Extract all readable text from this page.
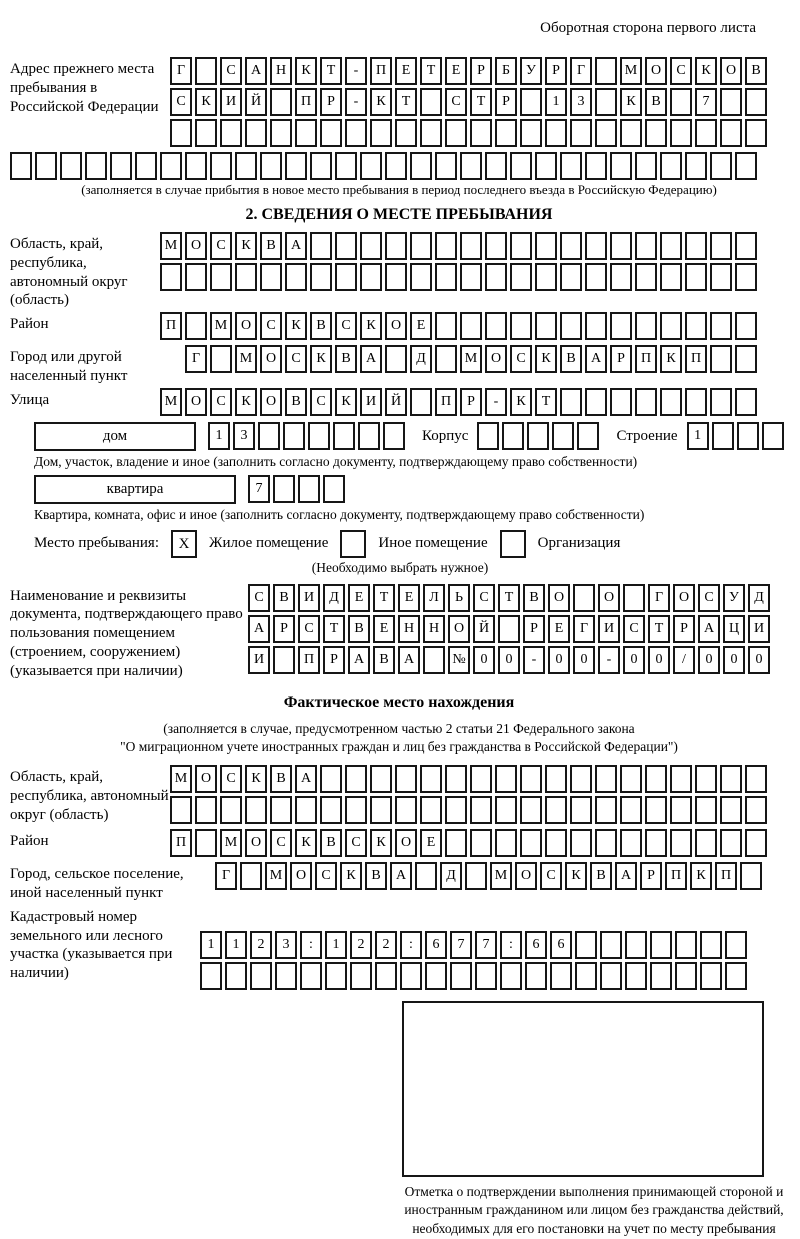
Оборотная сторона первого листа
Адрес прежнего места пребывания в Российской Федерации
Г	С А Н К Т - П Е Т Е Р Б У Р Г	М О С К О В
С К И Й	П Р - К Т	С Т Р	1 3	К В	7
(заполняется в случае прибытия в новое место пребывания в период последнего въезда в Российскую Федерацию)
2. СВЕДЕНИЯ О МЕСТЕ ПРЕБЫВАНИЯ
Область, край, республика, автономный округ (область)
М О С К В А
Район	П	М О С К В С К О Е
Город или другой населенный пункт
Г	М О С К В А	Д	М О С К В А Р П К П
Улица	М О С К О В С К И Й	П Р - К Т
дом	1 3	Корпус	Строение	1
Дом, участок, владение и иное (заполнить согласно документу, подтверждающему право собственности)
квартира	7
Квартира, комната, офис и иное (заполнить согласно документу, подтверждающему право собственности)
Место пребывания:	X	Жилое помещение	Иное помещение	Организация
(Необходимо выбрать нужное)
Наименование и реквизиты документа, подтверждающего право пользования помещением (строением, сооружением) (указывается при наличии)
С В И Д Е Т Е Л Ь С Т В О	О	Г О С У Д
А Р С Т В Е Н Н О Й	Р Е Г И С Т Р А Ц И
И	П Р А В А	№ 0 0 - 0 0 - 0 0 / 0 0 0
Фактическое место нахождения
(заполняется в случае, предусмотренном частью 2 статьи 21 Федерального закона
"О миграционном учете иностранных граждан и лиц без гражданства в Российской Федерации")
Область, край, республика, автономный округ (область)
М О С К В А
Район	П	М О С К В С К О Е
Город, сельское поселение, иной населенный пункт
Г	М О С К В А	Д	М О С К В А Р П К П
Кадастровый номер земельного или лесного участка (указывается при наличии)
1 1 2 3 : 1 2 2 : 6 7 7 : 6 6
Отметка о подтверждении выполнения принимающей стороной и иностранным гражданином или лицом без гражданства действий, необходимых для его постановки на учет по месту пребывания
